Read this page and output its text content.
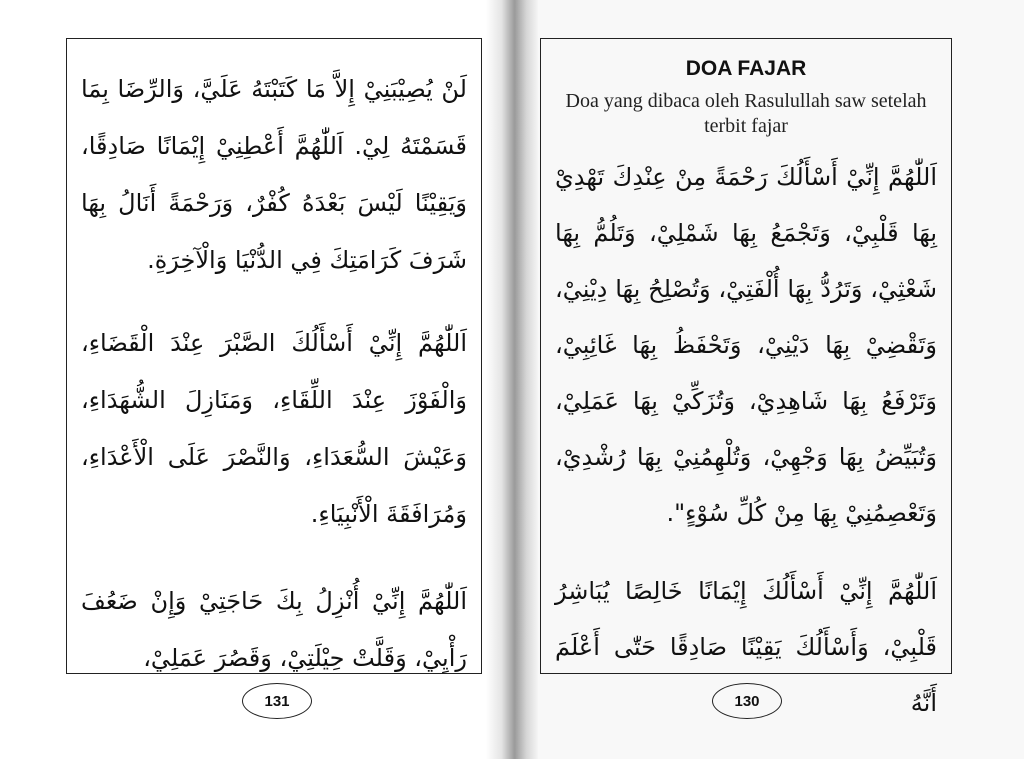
لَنْ يُصِيْبَنِيْ إِلاَّ مَا كَتَبْتَهُ عَلَيَّ، وَالرِّضَا بِمَا قَسَمْتَهُ لِيْ. اَللّٰهُمَّ أَعْطِنِيْ إِيْمَانًا صَادِقًا، وَيَقِيْنًا لَيْسَ بَعْدَهُ كُفْرٌ، وَرَحْمَةً أَنَالُ بِهَا شَرَفَ كَرَامَتِكَ فِي الدُّنْيَا وَالْآخِرَةِ.

اَللّٰهُمَّ إِنِّيْ أَسْأَلُكَ الصَّبْرَ عِنْدَ الْقَضَاءِ، وَالْفَوْزَ عِنْدَ اللِّقَاءِ، وَمَنَازِلَ الشُّهَدَاءِ، وَعَيْشَ السُّعَدَاءِ، وَالنَّصْرَ عَلَى الْأَعْدَاءِ، وَمُرَافَقَةَ الْأَنْبِيَاءِ.

اَللّٰهُمَّ إِنِّيْ أُنْزِلُ بِكَ حَاجَتِيْ وَإِنْ ضَعُفَ رَأْيِيْ، وَقَلَّتْ حِيْلَتِيْ، وَقَصُرَ عَمَلِيْ،

131
DOA FAJAR
Doa yang dibaca oleh Rasulullah saw setelah terbit fajar

اَللّٰهُمَّ إِنِّيْ أَسْأَلُكَ رَحْمَةً مِنْ عِنْدِكَ تَهْدِيْ بِهَا قَلْبِيْ، وَتَجْمَعُ بِهَا شَمْلِيْ، وَتَلُمُّ بِهَا شَعْثِيْ، وَتَرُدُّ بِهَا أُلْفَتِيْ، وَتُصْلِحُ بِهَا دِيْنِيْ، وَتَقْضِيْ بِهَا دَيْنِيْ، وَتَحْفَظُ بِهَا غَائِبِيْ، وَتَرْفَعُ بِهَا شَاهِدِيْ، وَتُزَكِّيْ بِهَا عَمَلِيْ، وَتُبَيِّضُ بِهَا وَجْهِيْ، وَتُلْهِمُنِيْ بِهَا رُشْدِيْ، وَتَعْصِمُنِيْ بِهَا مِنْ كُلِّ سُوْءٍ".

اَللّٰهُمَّ إِنِّيْ أَسْأَلُكَ إِيْمَانًا خَالِصًا يُبَاشِرُ قَلْبِيْ، وَأَسْأَلُكَ يَقِيْنًا صَادِقًا حَتّٰى أَعْلَمَ أَنَّهُ

130
